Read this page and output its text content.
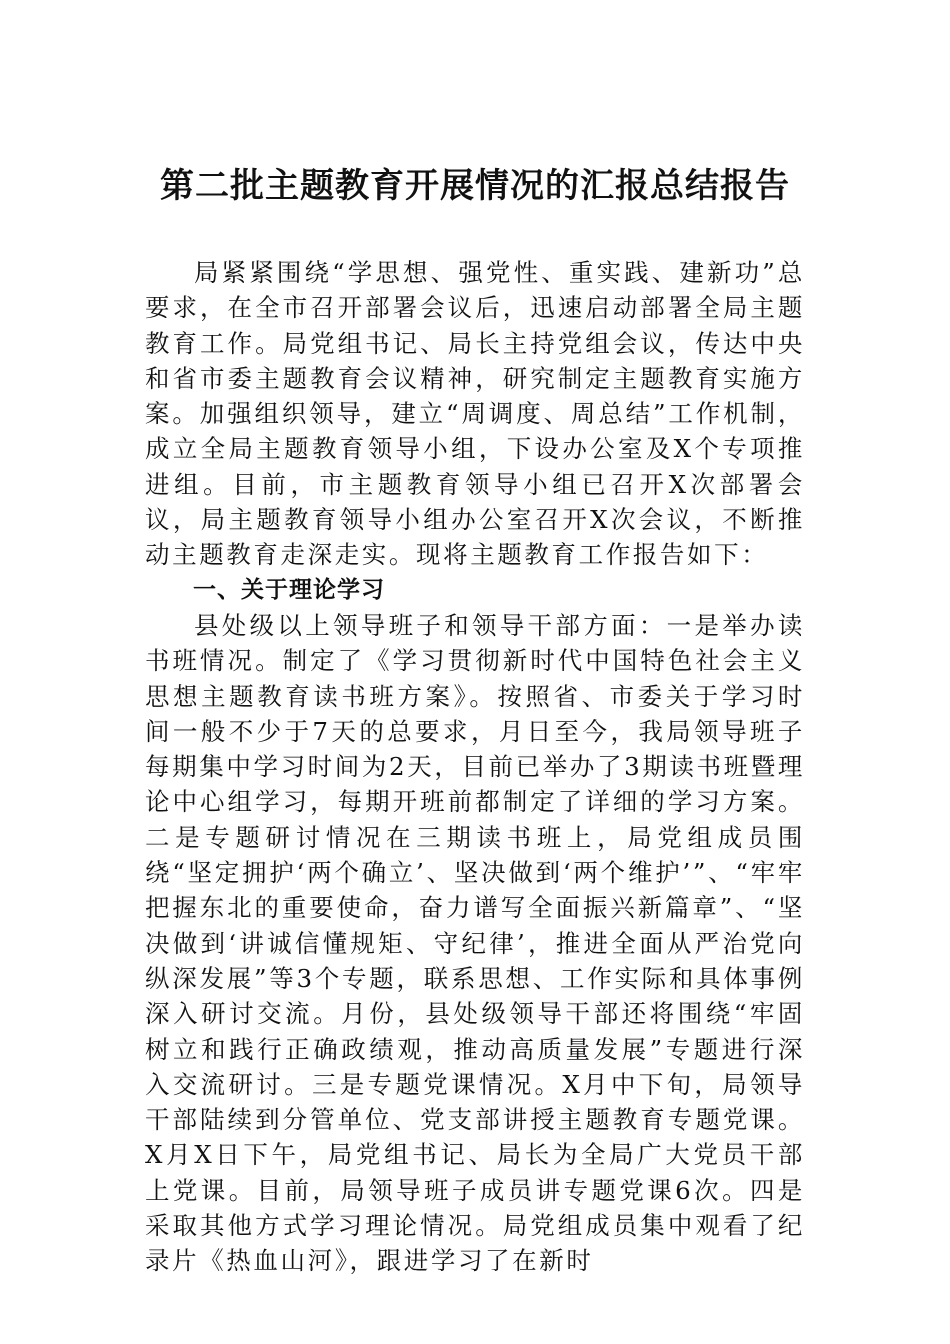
第二批主题教育开展情况的汇报总结报告

局紧紧围绕“学思想、强党性、重实践、建新功”总要求，在全市召开部署会议后，迅速启动部署全局主题教育工作。局党组书记、局长主持党组会议，传达中央和省市委主题教育会议精神，研究制定主题教育实施方案。加强组织领导，建立“周调度、周总结”工作机制，成立全局主题教育领导小组，下设办公室及X个专项推进组。目前，市主题教育领导小组已召开X次部署会议，局主题教育领导小组办公室召开X次会议，不断推动主题教育走深走实。现将主题教育工作报告如下：

一、关于理论学习

县处级以上领导班子和领导干部方面：一是举办读书班情况。制定了《学习贯彻新时代中国特色社会主义思想主题教育读书班方案》。按照省、市委关于学习时间一般不少于7天的总要求，月日至今，我局领导班子每期集中学习时间为2天，目前已举办了3期读书班暨理论中心组学习，每期开班前都制定了详细的学习方案。二是专题研讨情况在三期读书班上，局党组成员围绕“坚定拥护‘两个确立’、坚决做到‘两个维护’”、“牢牢把握东北的重要使命，奋力谱写全面振兴新篇章”、“坚决做到‘讲诚信懂规矩、守纪律’，推进全面从严治党向纵深发展”等3个专题，联系思想、工作实际和具体事例深入研讨交流。月份，县处级领导干部还将围绕“牢固树立和践行正确政绩观，推动高质量发展”专题进行深入交流研讨。三是专题党课情况。X月中下旬，局领导干部陆续到分管单位、党支部讲授主题教育专题党课。X月X日下午，局党组书记、局长为全局广大党员干部上党课。目前，局领导班子成员讲专题党课6次。四是采取其他方式学习理论情况。局党组成员集中观看了纪录片《热血山河》，跟进学习了在新时
